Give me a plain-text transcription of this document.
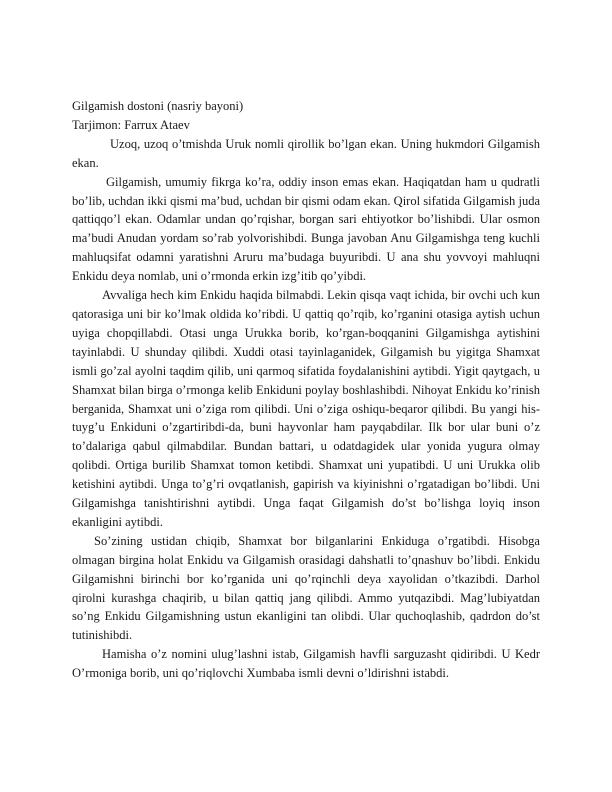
Gilgamish dostoni (nasriy bayoni)

Tarjimon: Farrux Ataev

Uzoq, uzoq o’tmishda Uruk nomli qirollik bo’lgan ekan. Uning hukmdori Gilgamish ekan.

Gilgamish, umumiy fikrga ko’ra, oddiy inson emas ekan. Haqiqatdan ham u qudratli bo’lib, uchdan ikki qismi ma’bud, uchdan bir qismi odam ekan. Qirol sifatida Gilgamish juda qattiqqo’l ekan. Odamlar undan qo’rqishar, borgan sari ehtiyotkor bo’lishibdi. Ular osmon ma’budi Anudan yordam so’rab yolvorishibdi. Bunga javoban Anu Gilgamishga teng kuchli mahluqsifat odamni yaratishni Aruru ma’budaga buyuribdi. U ana shu yovvoyi mahluqni Enkidu deya nomlab, uni o’rmonda erkin izg’itib qo’yibdi.

Avvaliga hech kim Enkidu haqida bilmabdi. Lekin qisqa vaqt ichida, bir ovchi uch kun qatorasiga uni bir ko’lmak oldida ko’ribdi. U qattiq qo’rqib, ko’rganini otasiga aytish uchun uyiga chopqillabdi. Otasi unga Urukka borib, ko’rgan-boqqanini Gilgamishga aytishini tayinlabdi. U shunday qilibdi. Xuddi otasi tayinlaganidek, Gilgamish bu yigitga Shamxat ismli go’zal ayolni taqdim qilib, uni qarmoq sifatida foydalanishini aytibdi. Yigit qaytgach, u Shamxat bilan birga o’rmonga kelib Enkiduni poylay boshlashibdi. Nihoyat Enkidu ko’rinish berganida, Shamxat uni o’ziga rom qilibdi. Uni o’ziga oshiqu-beqaror qilibdi. Bu yangi his-tuyg’u Enkiduni o’zgartiribdi-da, buni hayvonlar ham payqabdilar. Ilk bor ular buni o’z to’dalariga qabul qilmabdilar. Bundan battari, u odatdagidek ular yonida yugura olmay qolibdi. Ortiga burilib Shamxat tomon ketibdi. Shamxat uni yupatibdi. U uni Urukka olib ketishini aytibdi. Unga to’g’ri ovqatlanish, gapirish va kiyinishni o’rgatadigan bo’libdi. Uni Gilgamishga tanishtirishni aytibdi. Unga faqat Gilgamish do’st bo’lishga loyiq inson ekanligini aytibdi.

So’zining ustidan chiqib, Shamxat bor bilganlarini Enkiduga o’rgatibdi. Hisobga olmagan birgina holat Enkidu va Gilgamish orasidagi dahshatli to’qnashuv bo’libdi. Enkidu Gilgamishni birinchi bor ko’rganida uni qo’rqinchli deya xayolidan o’tkazibdi. Darhol qirolni kurashga chaqirib, u bilan qattiq jang qilibdi. Ammo yutqazibdi. Mag’lubiyatdan so’ng Enkidu Gilgamishning ustun ekanligini tan olibdi. Ular quchoqlashib, qadrdon do’st tutinishibdi.

Hamisha o’z nomini ulug’lashni istab, Gilgamish havfli sarguzasht qidiribdi. U Kedr O’rmoniga borib, uni qo’riqlovchi Xumbaba ismli devni o’ldirishni istabdi.
